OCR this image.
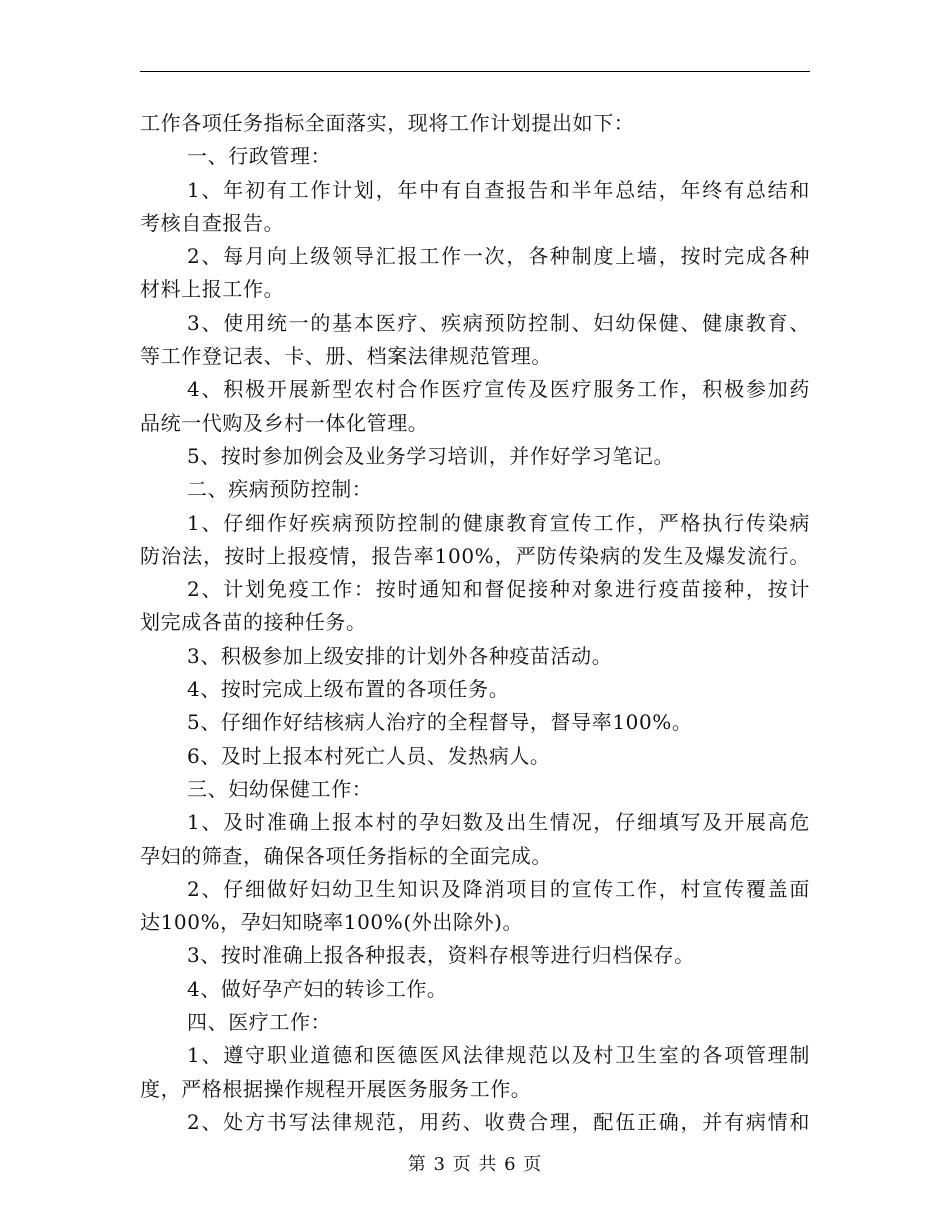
工作各项任务指标全面落实，现将工作计划提出如下：
一、行政管理：
1、年初有工作计划，年中有自查报告和半年总结，年终有总结和
考核自查报告。
2、每月向上级领导汇报工作一次，各种制度上墙，按时完成各种
材料上报工作。
3、使用统一的基本医疗、疾病预防控制、妇幼保健、健康教育、
等工作登记表、卡、册、档案法律规范管理。
4、积极开展新型农村合作医疗宣传及医疗服务工作，积极参加药
品统一代购及乡村一体化管理。
5、按时参加例会及业务学习培训，并作好学习笔记。
二、疾病预防控制：
1、仔细作好疾病预防控制的健康教育宣传工作，严格执行传染病
防治法，按时上报疫情，报告率100%，严防传染病的发生及爆发流行。
2、计划免疫工作：按时通知和督促接种对象进行疫苗接种，按计
划完成各苗的接种任务。
3、积极参加上级安排的计划外各种疫苗活动。
4、按时完成上级布置的各项任务。
5、仔细作好结核病人治疗的全程督导，督导率100%。
6、及时上报本村死亡人员、发热病人。
三、妇幼保健工作：
1、及时准确上报本村的孕妇数及出生情况，仔细填写及开展高危
孕妇的筛查，确保各项任务指标的全面完成。
2、仔细做好妇幼卫生知识及降消项目的宣传工作，村宣传覆盖面
达100%，孕妇知晓率100%(外出除外)。
3、按时准确上报各种报表，资料存根等进行归档保存。
4、做好孕产妇的转诊工作。
四、医疗工作：
1、遵守职业道德和医德医风法律规范以及村卫生室的各项管理制
度，严格根据操作规程开展医务服务工作。
2、处方书写法律规范，用药、收费合理，配伍正确，并有病情和
第 3 页 共 6 页
